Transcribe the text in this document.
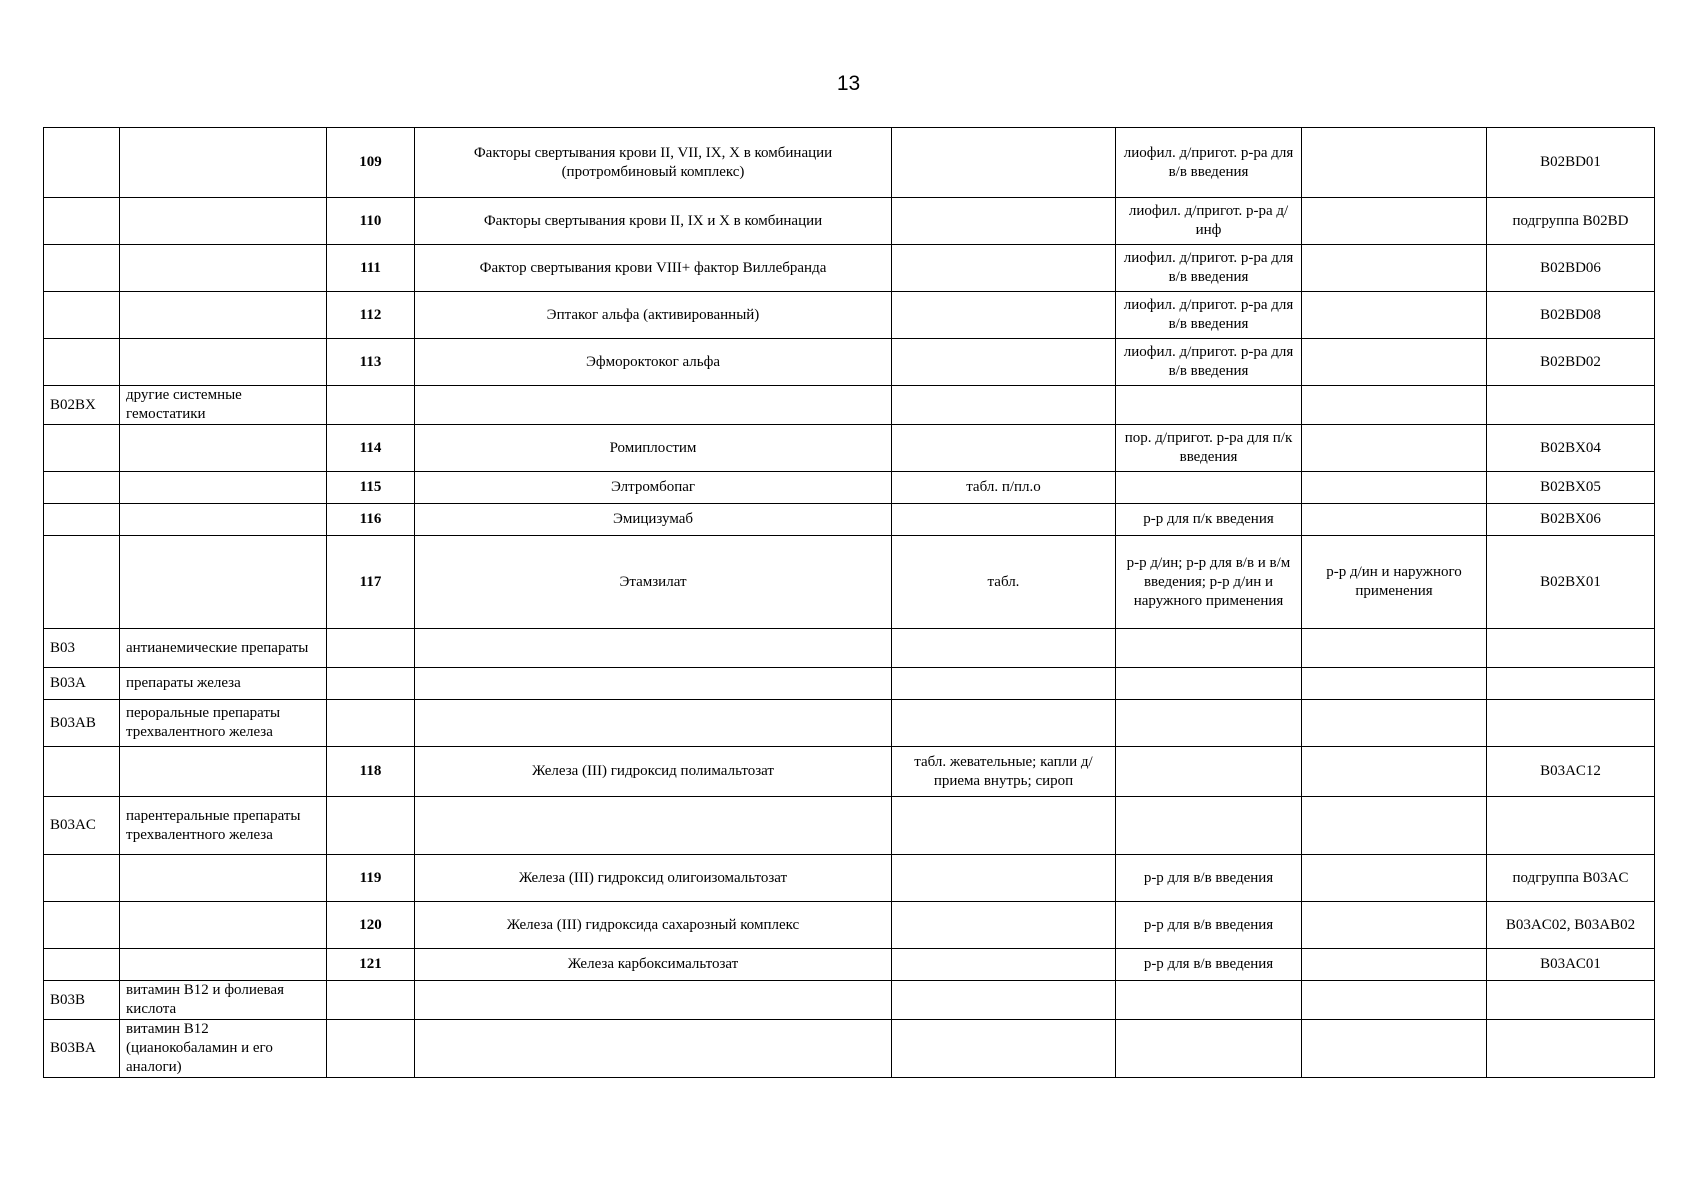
13
		109	Факторы свертывания крови II, VII, IX, X в комбинации (протромбиновый комплекс)		лиофил. д/пригот. р-ра для в/в введения		B02BD01
		110	Факторы свертывания крови II, IX и X в комбинации		лиофил. д/пригот. р-ра д/инф		подгруппа B02BD
		111	Фактор свертывания крови VIII+ фактор Виллебранда		лиофил. д/пригот. р-ра для в/в введения		B02BD06
		112	Эптаког альфа (активированный)		лиофил. д/пригот. р-ра для в/в введения		B02BD08
		113	Эфмороктоког альфа		лиофил. д/пригот. р-ра для в/в введения		B02BD02
B02BX	другие системные гемостатики						
		114	Ромиплостим		пор. д/пригот. р-ра для п/к введения		B02BX04
		115	Элтромбопаг	табл. п/пл.о			B02BX05
		116	Эмицизумаб		р-р для п/к введения		B02BX06
		117	Этамзилат	табл.	р-р д/ин; р-р для в/в и в/м введения; р-р д/ин и наружного применения	р-р д/ин и наружного применения	B02BX01
B03	антианемические препараты						
B03A	препараты железа						
B03AB	пероральные препараты трехвалентного железа						
		118	Железа (III) гидроксид полимальтозат	табл. жевательные; капли д/приема внутрь; сироп			B03AC12
B03AC	парентеральные препараты трехвалентного железа						
		119	Железа (III) гидроксид олигоизомальтозат		р-р для в/в введения		подгруппа B03AC
		120	Железа (III) гидроксида сахарозный комплекс		р-р для в/в введения		B03AC02, B03AB02
		121	Железа карбоксимальтозат		р-р для в/в введения		B03AC01
B03B	витамин В12 и фолиевая кислота						
B03BA	витамин В12 (цианокобаламин и его аналоги)						
